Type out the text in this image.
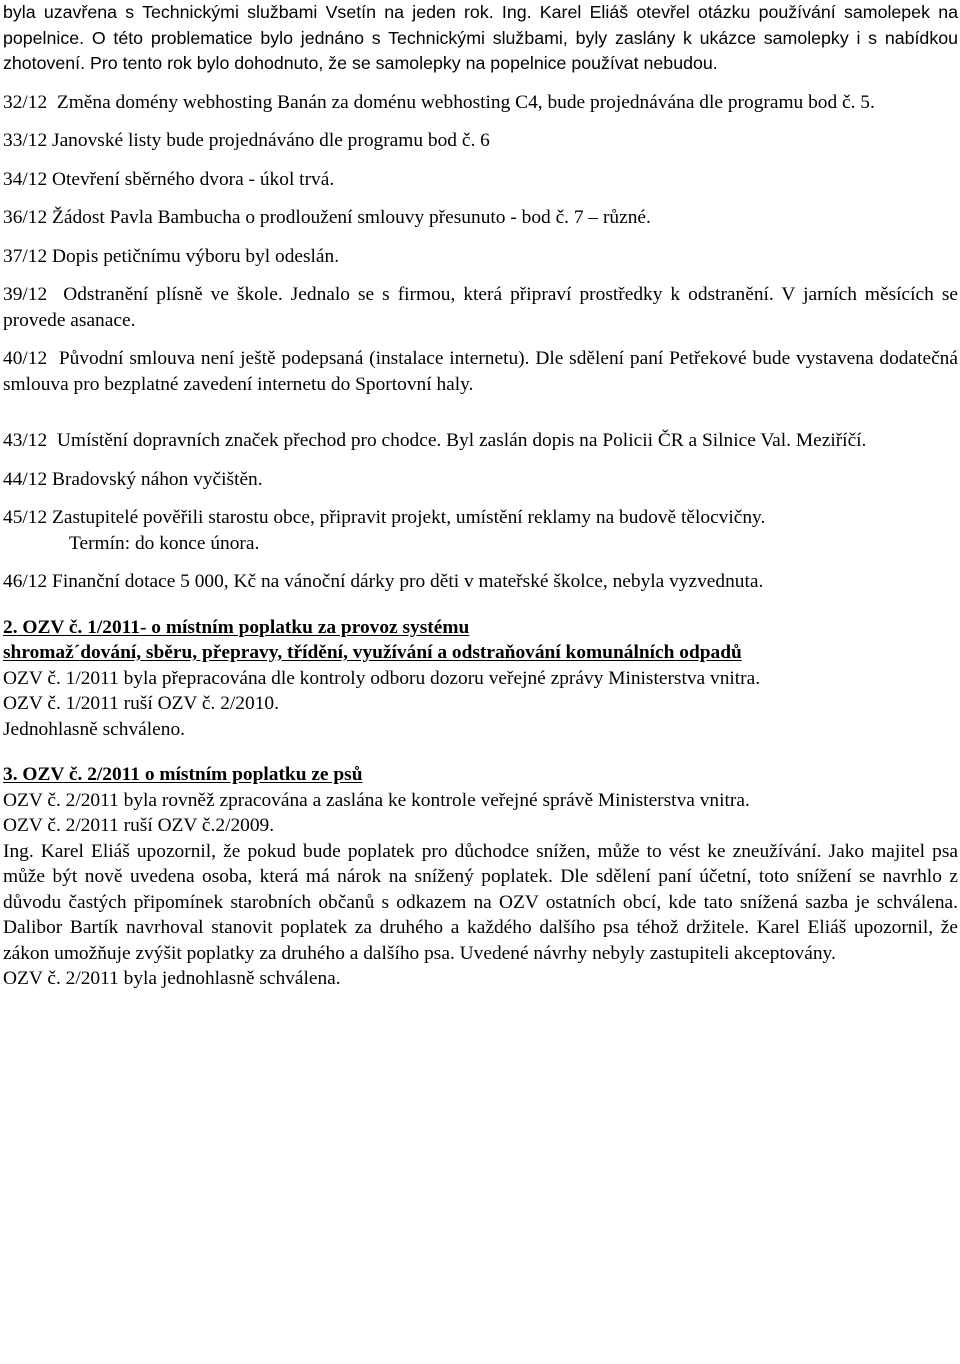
byla uzavřena s Technickými službami Vsetín na jeden rok. Ing. Karel Eliáš otevřel otázku používání samolepek na popelnice. O této problematice bylo jednáno s Technickými službami, byly zaslány k ukázce samolepky i s nabídkou zhotovení. Pro tento rok bylo dohodnuto, že se samolepky na popelnice používat nebudou.

32/12 Změna domény webhosting Banán za doménu webhosting C4, bude projednávána dle programu bod č. 5.

33/12 Janovské listy bude projednáváno dle programu bod č. 6

34/12 Otevření sběrného dvora - úkol trvá.

36/12 Žádost Pavla Bambucha o prodloužení smlouvy přesunuto - bod č. 7 – různé.

37/12 Dopis petičnímu výboru byl odeslán.

39/12 Odstranění plísně ve škole. Jednalo se s firmou, která připraví prostředky k odstranění. V jarních měsících se provede asanace.

40/12 Původní smlouva není ještě podepsaná (instalace internetu). Dle sdělení paní Petřekové bude vystavena dodatečná smlouva pro bezplatné zavedení internetu do Sportovní haly.

43/12 Umístění dopravních značek přechod pro chodce. Byl zaslán dopis na Policii ČR a Silnice Val. Meziříčí.

44/12 Bradovský náhon vyčištěn.

45/12 Zastupitelé pověřili starostu obce, připravit projekt, umístění reklamy na budově tělocvičny.

Termín: do konce února.

46/12 Finanční dotace 5 000, Kč na vánoční dárky pro děti v mateřské školce, nebyla vyzvednuta.

2. OZV č. 1/2011- o místním poplatku za provoz systému

shromaž´dování, sběru, přepravy, třídění, využívání a odstraňování komunálních odpadů

OZV č. 1/2011 byla přepracována dle kontroly odboru dozoru veřejné zprávy Ministerstva vnitra.

OZV č. 1/2011 ruší OZV č. 2/2010.

Jednohlasně schváleno.

3. OZV č. 2/2011 o místním poplatku ze psů

OZV č. 2/2011 byla rovněž zpracována a zaslána ke kontrole veřejné správě Ministerstva vnitra.

OZV č. 2/2011 ruší OZV č.2/2009.

Ing. Karel Eliáš upozornil, že pokud bude poplatek pro důchodce snížen, může to vést ke zneužívání. Jako majitel psa může být nově uvedena osoba, která má nárok na snížený poplatek. Dle sdělení paní účetní, toto snížení se navrhlo z důvodu častých připomínek starobních občanů s odkazem na OZV ostatních obcí, kde tato snížená sazba je schválena. Dalibor Bartík navrhoval stanovit poplatek za druhého a každého dalšího psa téhož držitele. Karel Eliáš upozornil, že zákon umožňuje zvýšit poplatky za druhého a dalšího psa. Uvedené návrhy nebyly zastupiteli akceptovány.

OZV č. 2/2011 byla jednohlasně schválena.
